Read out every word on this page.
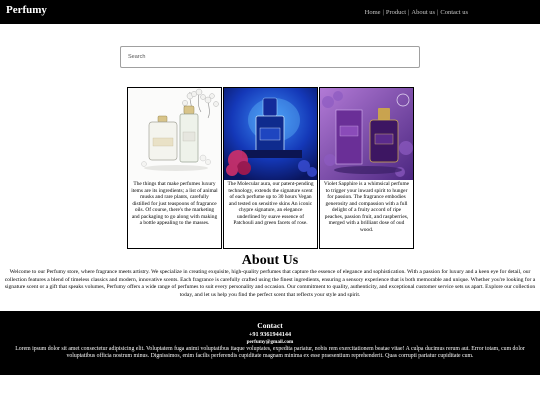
Perfumy	Home | Product | About us | Contact us
Search

The things that make perfumes luxury items are its ingredients; a list of animal musks and rare plants, carefully distilled for just teaspoons of fragrance oils. Of course, there's the marketing and packaging to go along with making a bottle appealing to the masses.

The Molecular aura, our patent-pending technology, extends the signature scent of each perfume up to 30 hours Vegan and tested on sensitive skins An iconic chypre signature, an elegance underlined by suave essence of Patchouli and green facets of rose.

Violet Sapphire is a whimsical perfume to trigger your inward spirit to hunger for passion. The fragrance embodies generosity and compassion with a full delight of a fruity accord of ripe peaches, passion fruit, and raspberries, merged with a brilliant dose of oud wood.

About Us

Welcome to our Perfumy store, where fragrance meets artistry. We specialize in creating exquisite, high-quality perfumes that capture the essence of elegance and sophistication. With a passion for luxury and a keen eye for detail, our collection features a blend of timeless classics and modern, innovative scents. Each fragrance is carefully crafted using the finest ingredients, ensuring a sensory experience that is both memorable and unique. Whether you're looking for a signature scent or a gift that speaks volumes, Perfumy offers a wide range of perfumes to suit every personality and occasion. Our commitment to quality, authenticity, and exceptional customer service sets us apart. Explore our collection today, and let us help you find the perfect scent that reflects your style and spirit.

Contact
+91 9361944144
perfumy@gmail.com
Lorem ipsum dolor sit amet consectetur adipisicing elit. Voluptatem fuga animi voluptatibus itaque voluptates, expedita pariatur, nobis rem exercitationem beatae vitae! A culpa ducimus rerum aut. Error totam, cum dolor voluptatibus officia nostrum minus. Dignissimos, enim facilis perferendis cupiditate magnam minima ex esse praesentium reprehenderit. Quas corrupti pariatur cupiditate cum.
